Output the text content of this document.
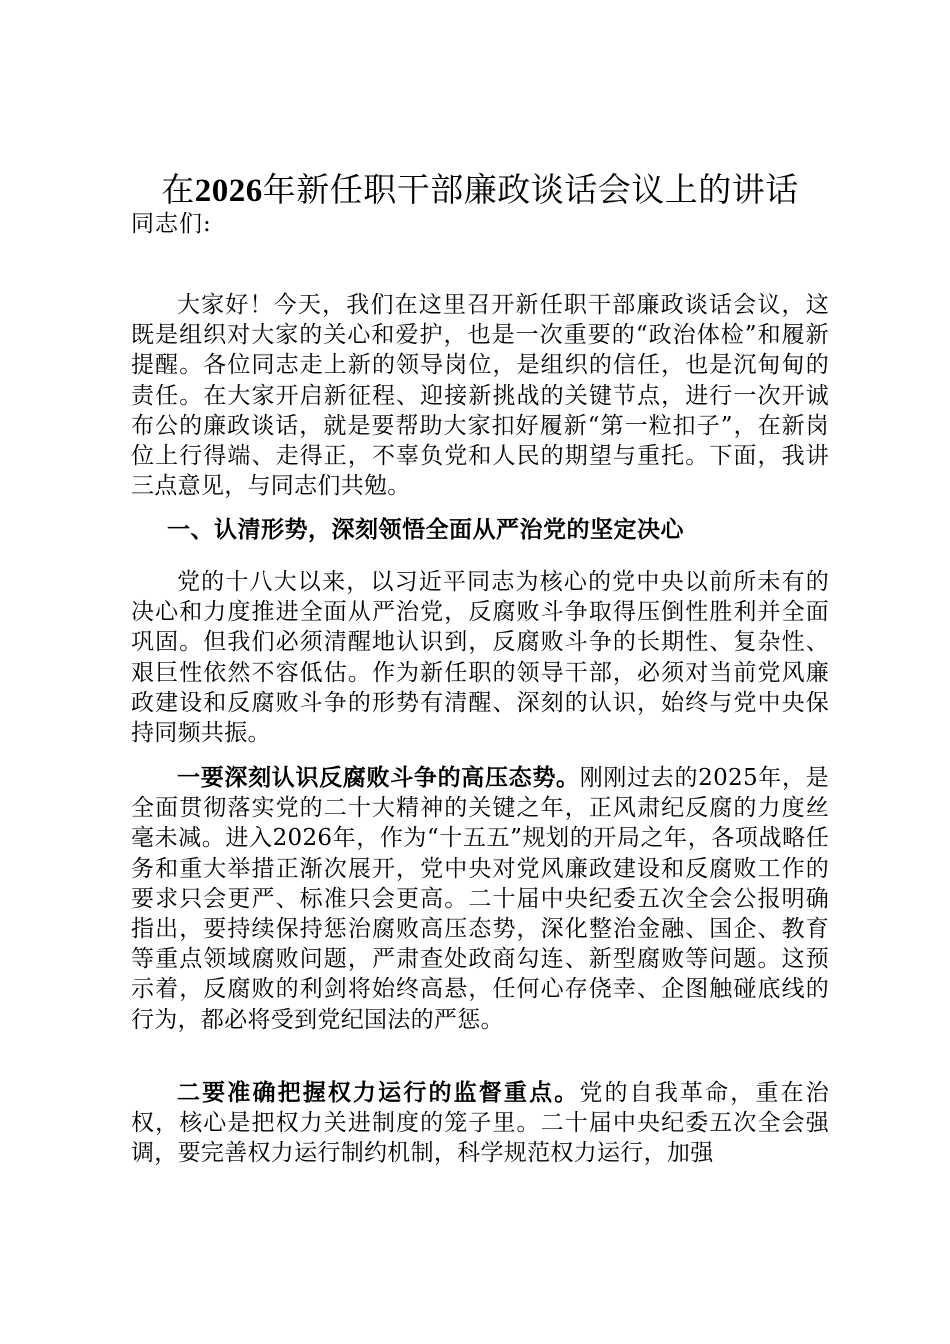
在2026年新任职干部廉政谈话会议上的讲话
同志们:

大家好！今天，我们在这里召开新任职干部廉政谈话会议，这既是组织对大家的关心和爱护，也是一次重要的“政治体检”和履新提醒。各位同志走上新的领导岗位，是组织的信任，也是沉甸甸的责任。在大家开启新征程、迎接新挑战的关键节点，进行一次开诚布公的廉政谈话，就是要帮助大家扣好履新“第一粒扣子”，在新岗位上行得端、走得正，不辜负党和人民的期望与重托。下面，我讲三点意见，与同志们共勉。

一、认清形势，深刻领悟全面从严治党的坚定决心

党的十八大以来，以习近平同志为核心的党中央以前所未有的决心和力度推进全面从严治党，反腐败斗争取得压倒性胜利并全面巩固。但我们必须清醒地认识到，反腐败斗争的长期性、复杂性、艰巨性依然不容低估。作为新任职的领导干部，必须对当前党风廉政建设和反腐败斗争的形势有清醒、深刻的认识，始终与党中央保持同频共振。

一要深刻认识反腐败斗争的高压态势。刚刚过去的2025年，是全面贯彻落实党的二十大精神的关键之年，正风肃纪反腐的力度丝毫未减。进入2026年，作为“十五五”规划的开局之年，各项战略任务和重大举措正渐次展开，党中央对党风廉政建设和反腐败工作的要求只会更严、标准只会更高。二十届中央纪委五次全会公报明确指出，要持续保持惩治腐败高压态势，深化整治金融、国企、教育等重点领域腐败问题，严肃查处政商勾连、新型腐败等问题。这预示着，反腐败的利剑将始终高悬，任何心存侥幸、企图触碰底线的行为，都必将受到党纪国法的严惩。

二要准确把握权力运行的监督重点。党的自我革命，重在治权，核心是把权力关进制度的笼子里。二十届中央纪委五次全会强调，要完善权力运行制约机制，科学规范权力运行，加强
